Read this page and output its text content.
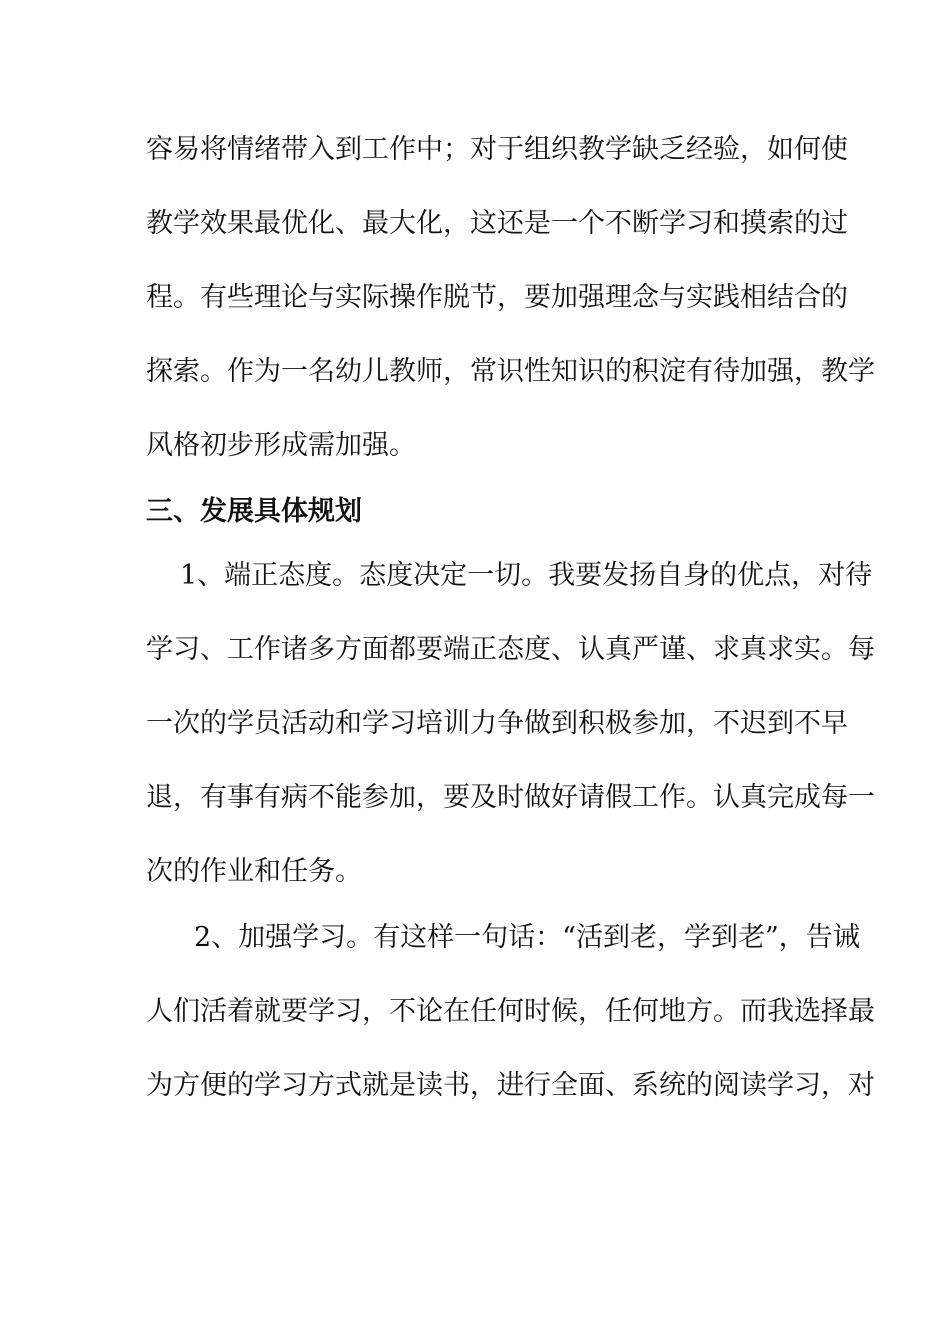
容易将情绪带入到工作中；对于组织教学缺乏经验，如何使
教学效果最优化、最大化，这还是一个不断学习和摸索的过
程。有些理论与实际操作脱节，要加强理念与实践相结合的
探索。作为一名幼儿教师，常识性知识的积淀有待加强，教学
风格初步形成需加强。
三、发展具体规划
1、端正态度。态度决定一切。我要发扬自身的优点，对待
学习、工作诸多方面都要端正态度、认真严谨、求真求实。每
一次的学员活动和学习培训力争做到积极参加，不迟到不早
退，有事有病不能参加，要及时做好请假工作。认真完成每一
次的作业和任务。
2、加强学习。有这样一句话：“活到老，学到老”，告诫
人们活着就要学习，不论在任何时候，任何地方。而我选择最
为方便的学习方式就是读书，进行全面、系统的阅读学习，对
